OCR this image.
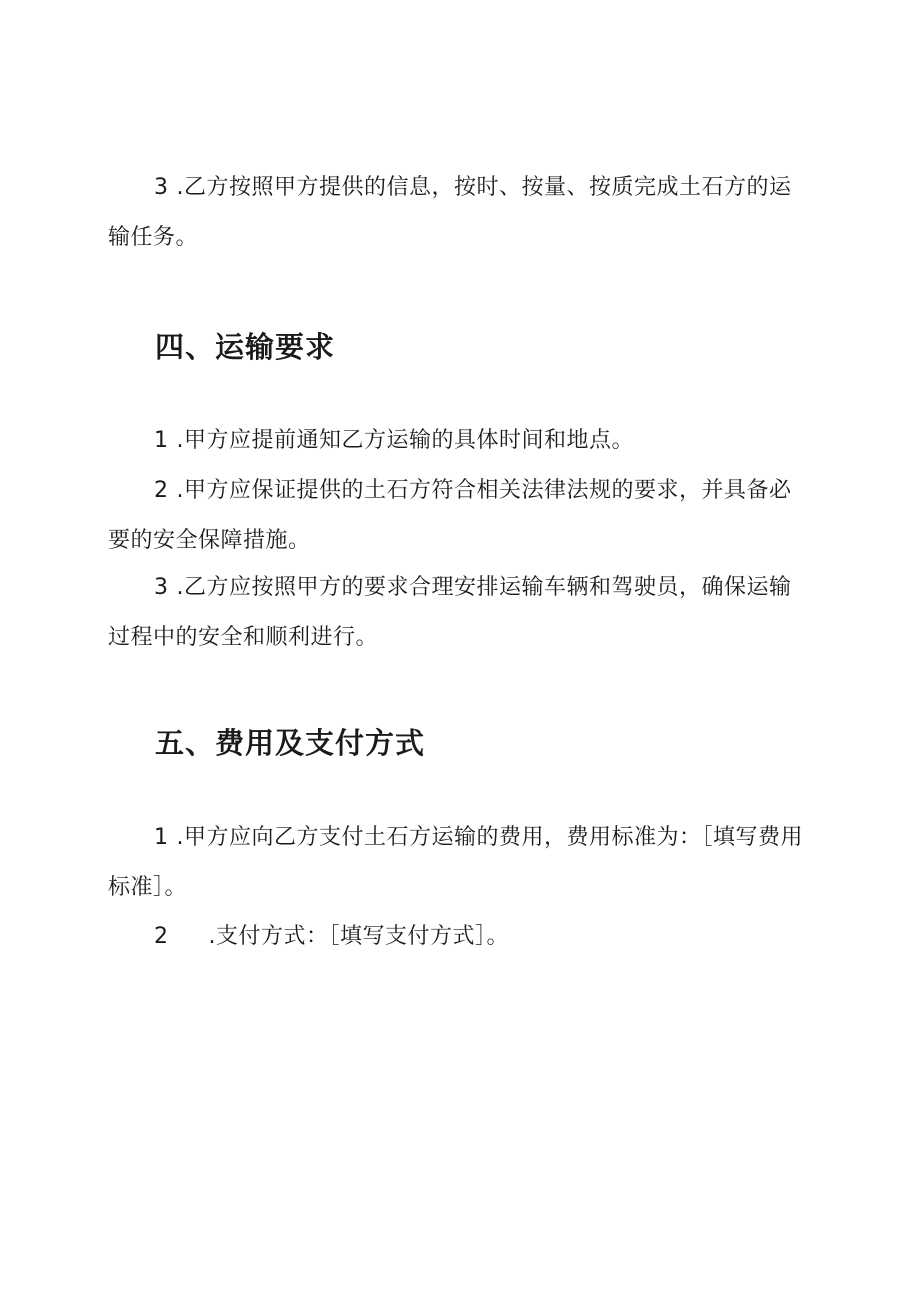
3 .乙方按照甲方提供的信息，按时、按量、按质完成土石方的运输任务。

四、运输要求

1 .甲方应提前通知乙方运输的具体时间和地点。

2 .甲方应保证提供的土石方符合相关法律法规的要求，并具备必要的安全保障措施。

3 .乙方应按照甲方的要求合理安排运输车辆和驾驶员，确保运输过程中的安全和顺利进行。

五、费用及支付方式

1 .甲方应向乙方支付土石方运输的费用，费用标准为：［填写费用标准］。

2 .支付方式：［填写支付方式］。
